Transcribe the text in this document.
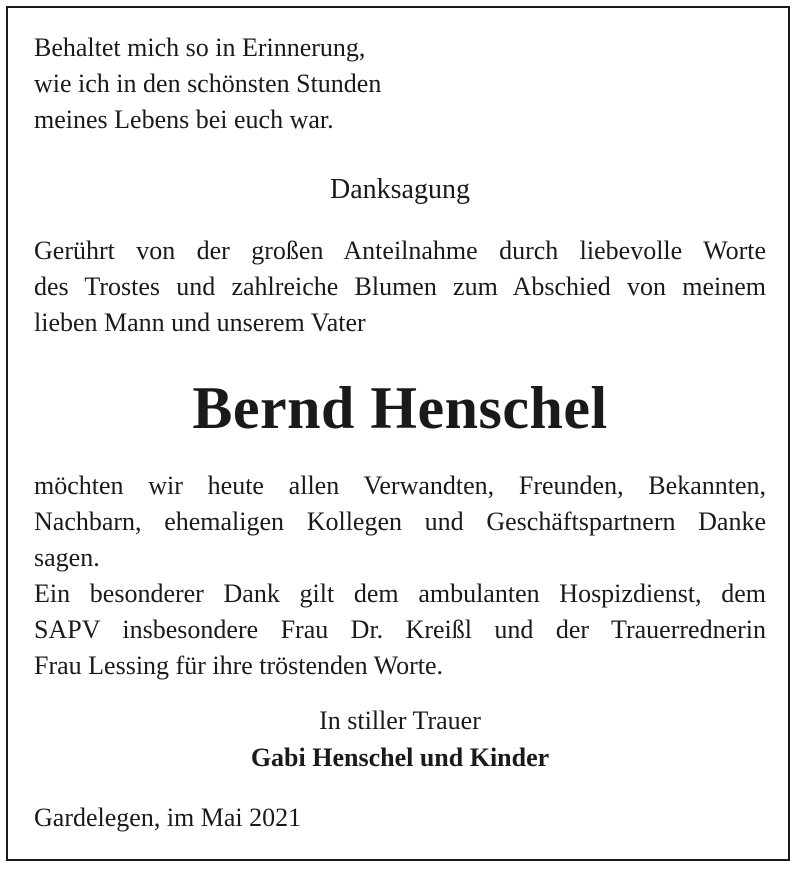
Behaltet mich so in Erinnerung,
wie ich in den schönsten Stunden
meines Lebens bei euch war.
Danksagung
Gerührt von der großen Anteilnahme durch liebevolle Worte
des Trostes und zahlreiche Blumen zum Abschied von meinem
lieben Mann und unserem Vater
Bernd Henschel
möchten wir heute allen Verwandten, Freunden, Bekannten,
Nachbarn, ehemaligen Kollegen und Geschäftspartnern Danke
sagen.
Ein besonderer Dank gilt dem ambulanten Hospizdienst, dem
SAPV insbesondere Frau Dr. Kreißl und der Trauerrednerin
Frau Lessing für ihre tröstenden Worte.
In stiller Trauer
Gabi Henschel und Kinder
Gardelegen, im Mai 2021
